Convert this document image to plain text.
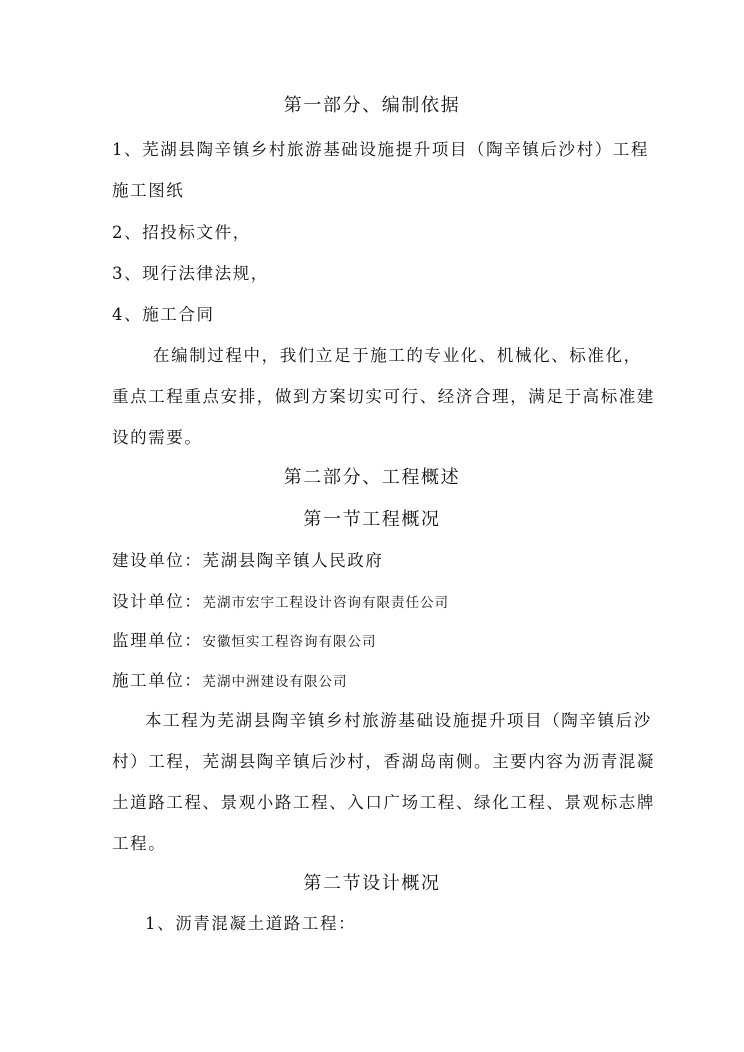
第一部分、编制依据
1、芜湖县陶辛镇乡村旅游基础设施提升项目（陶辛镇后沙村）工程
施工图纸
2、招投标文件，
3、现行法律法规，
4、施工合同
在编制过程中，我们立足于施工的专业化、机械化、标准化，
重点工程重点安排，做到方案切实可行、经济合理，满足于高标准建
设的需要。
第二部分、工程概述
第一节工程概况
建设单位：芜湖县陶辛镇人民政府
设计单位：芜湖市宏宇工程设计咨询有限责任公司
监理单位：安徽恒实工程咨询有限公司
施工单位：芜湖中洲建设有限公司
本工程为芜湖县陶辛镇乡村旅游基础设施提升项目（陶辛镇后沙
村）工程，芜湖县陶辛镇后沙村，香湖岛南侧。主要内容为沥青混凝
土道路工程、景观小路工程、入口广场工程、绿化工程、景观标志牌
工程。
第二节设计概况
1、沥青混凝土道路工程：
